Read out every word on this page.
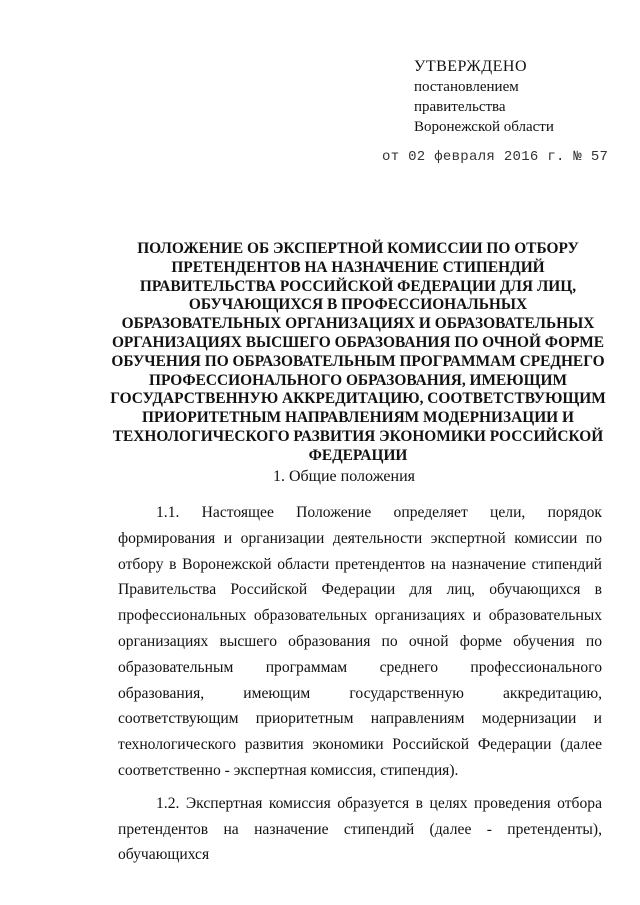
УТВЕРЖДЕНО
постановлением
правительства
Воронежской области
от 02 февраля 2016 г. № 57
ПОЛОЖЕНИЕ ОБ ЭКСПЕРТНОЙ КОМИССИИ ПО ОТБОРУ ПРЕТЕНДЕНТОВ НА НАЗНАЧЕНИЕ СТИПЕНДИЙ ПРАВИТЕЛЬСТВА РОССИЙСКОЙ ФЕДЕРАЦИИ ДЛЯ ЛИЦ, ОБУЧАЮЩИХСЯ В ПРОФЕССИОНАЛЬНЫХ ОБРАЗОВАТЕЛЬНЫХ ОРГАНИЗАЦИЯХ И ОБРАЗОВАТЕЛЬНЫХ ОРГАНИЗАЦИЯХ ВЫСШЕГО ОБРАЗОВАНИЯ ПО ОЧНОЙ ФОРМЕ ОБУЧЕНИЯ ПО ОБРАЗОВАТЕЛЬНЫМ ПРОГРАММАМ СРЕДНЕГО ПРОФЕССИОНАЛЬНОГО ОБРАЗОВАНИЯ, ИМЕЮЩИМ ГОСУДАРСТВЕННУЮ АККРЕДИТАЦИЮ, СООТВЕТСТВУЮЩИМ ПРИОРИТЕТНЫМ НАПРАВЛЕНИЯМ МОДЕРНИЗАЦИИ И ТЕХНОЛОГИЧЕСКОГО РАЗВИТИЯ ЭКОНОМИКИ РОССИЙСКОЙ ФЕДЕРАЦИИ
1. Общие положения

1.1. Настоящее Положение определяет цели, порядок формирования и организации деятельности экспертной комиссии по отбору в Воронежской области претендентов на назначение стипендий Правительства Российской Федерации для лиц, обучающихся в профессиональных образовательных организациях и образовательных организациях высшего образования по очной форме обучения по образовательным программам среднего профессионального образования, имеющим государственную аккредитацию, соответствующим приоритетным направлениям модернизации и технологического развития экономики Российской Федерации (далее соответственно - экспертная комиссия, стипендия).

1.2. Экспертная комиссия образуется в целях проведения отбора претендентов на назначение стипендий (далее - претенденты), обучающихся
